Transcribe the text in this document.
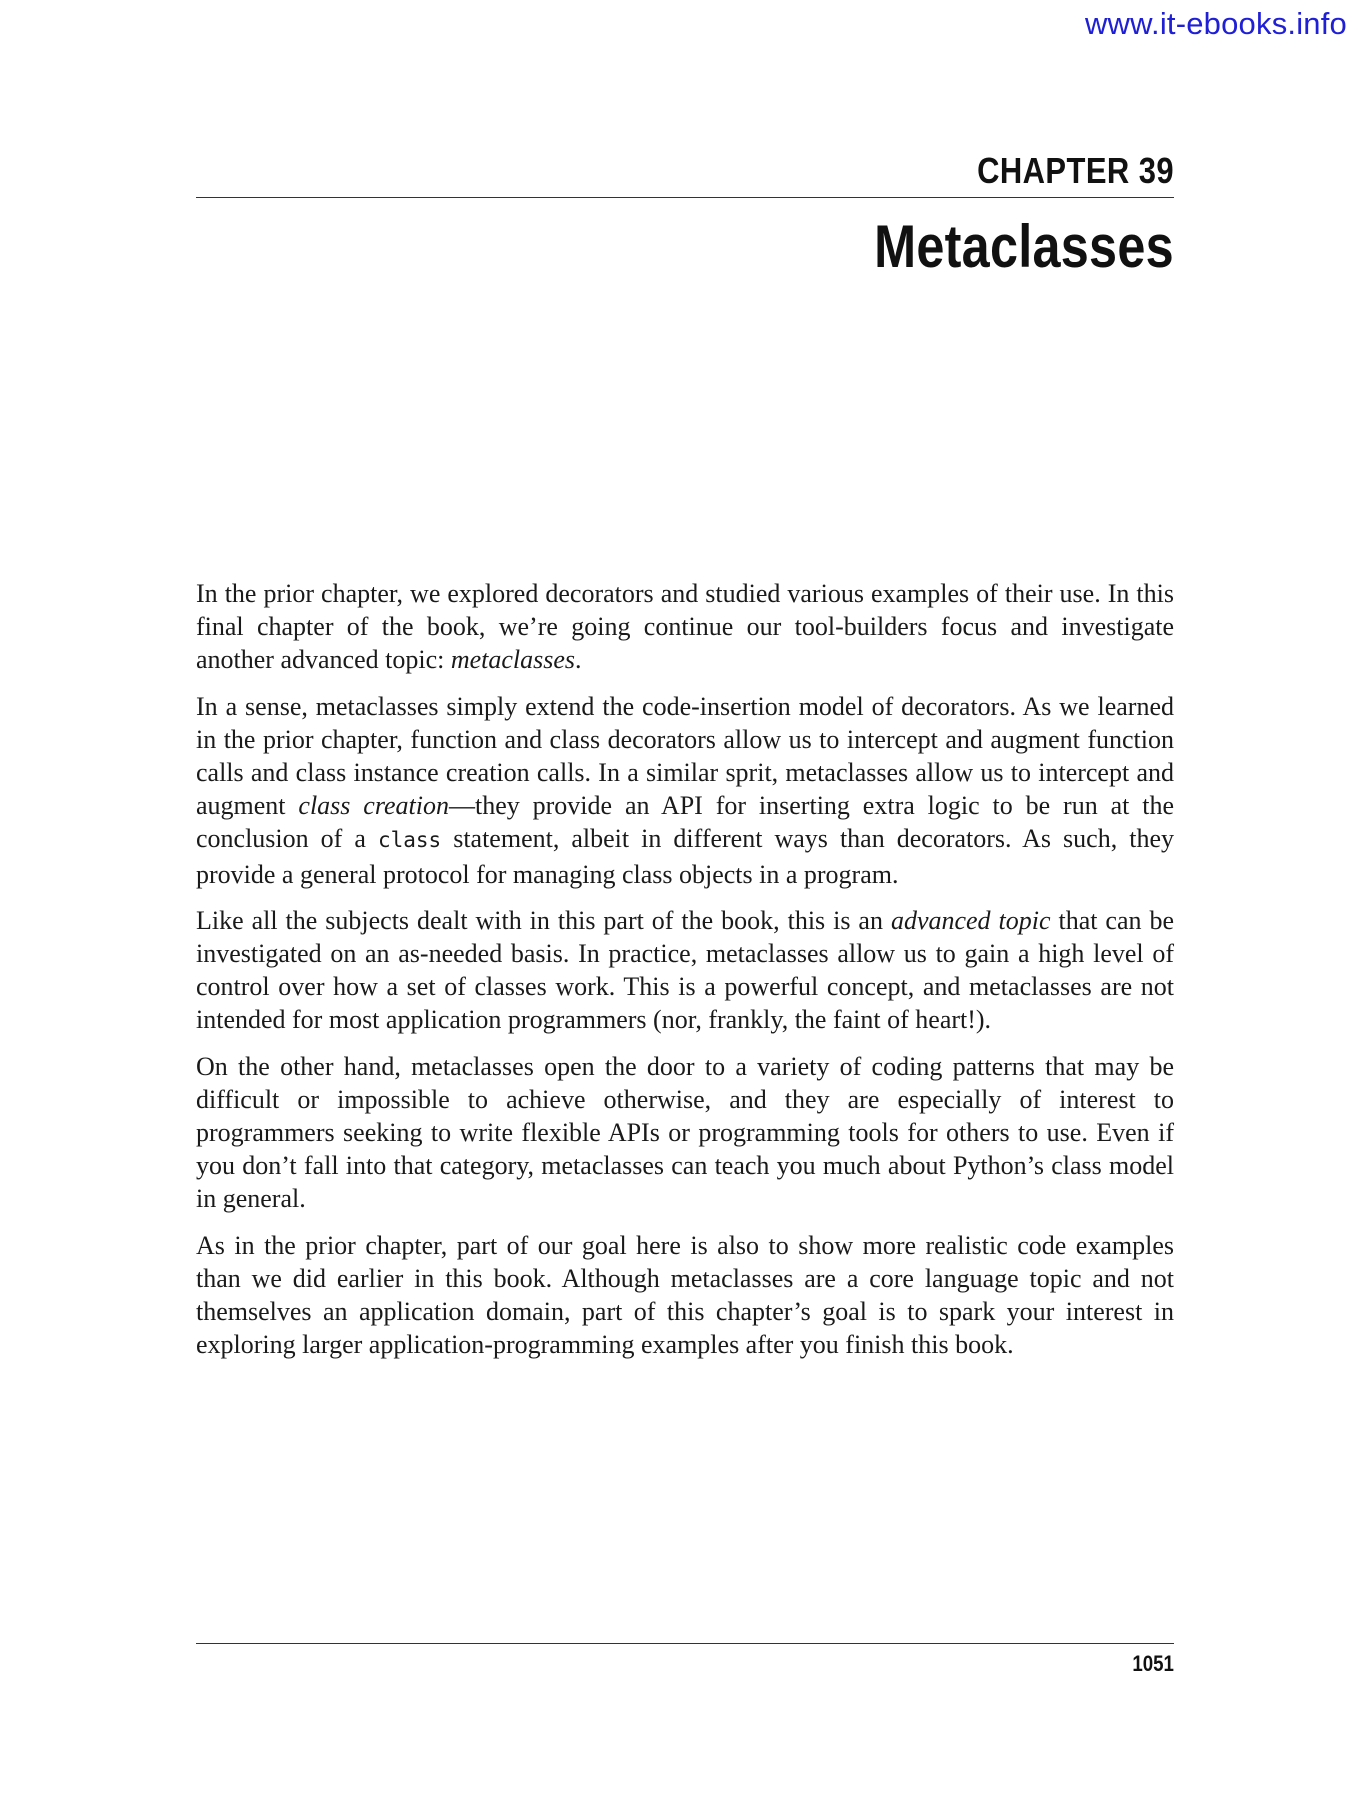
www.it-ebooks.info
CHAPTER 39
Metaclasses

In the prior chapter, we explored decorators and studied various examples of their use. In this final chapter of the book, we’re going continue our tool-builders focus and investigate another advanced topic: metaclasses.

In a sense, metaclasses simply extend the code-insertion model of decorators. As we learned in the prior chapter, function and class decorators allow us to intercept and augment function calls and class instance creation calls. In a similar sprit, metaclasses allow us to intercept and augment class creation—they provide an API for inserting extra logic to be run at the conclusion of a class statement, albeit in different ways than decorators. As such, they provide a general protocol for managing class objects in a program.

Like all the subjects dealt with in this part of the book, this is an advanced topic that can be investigated on an as-needed basis. In practice, metaclasses allow us to gain a high level of control over how a set of classes work. This is a powerful concept, and metaclasses are not intended for most application programmers (nor, frankly, the faint of heart!).

On the other hand, metaclasses open the door to a variety of coding patterns that may be difficult or impossible to achieve otherwise, and they are especially of interest to programmers seeking to write flexible APIs or programming tools for others to use. Even if you don’t fall into that category, metaclasses can teach you much about Python’s class model in general.

As in the prior chapter, part of our goal here is also to show more realistic code examples than we did earlier in this book. Although metaclasses are a core language topic and not themselves an application domain, part of this chapter’s goal is to spark your interest in exploring larger application-programming examples after you finish this book.

1051
